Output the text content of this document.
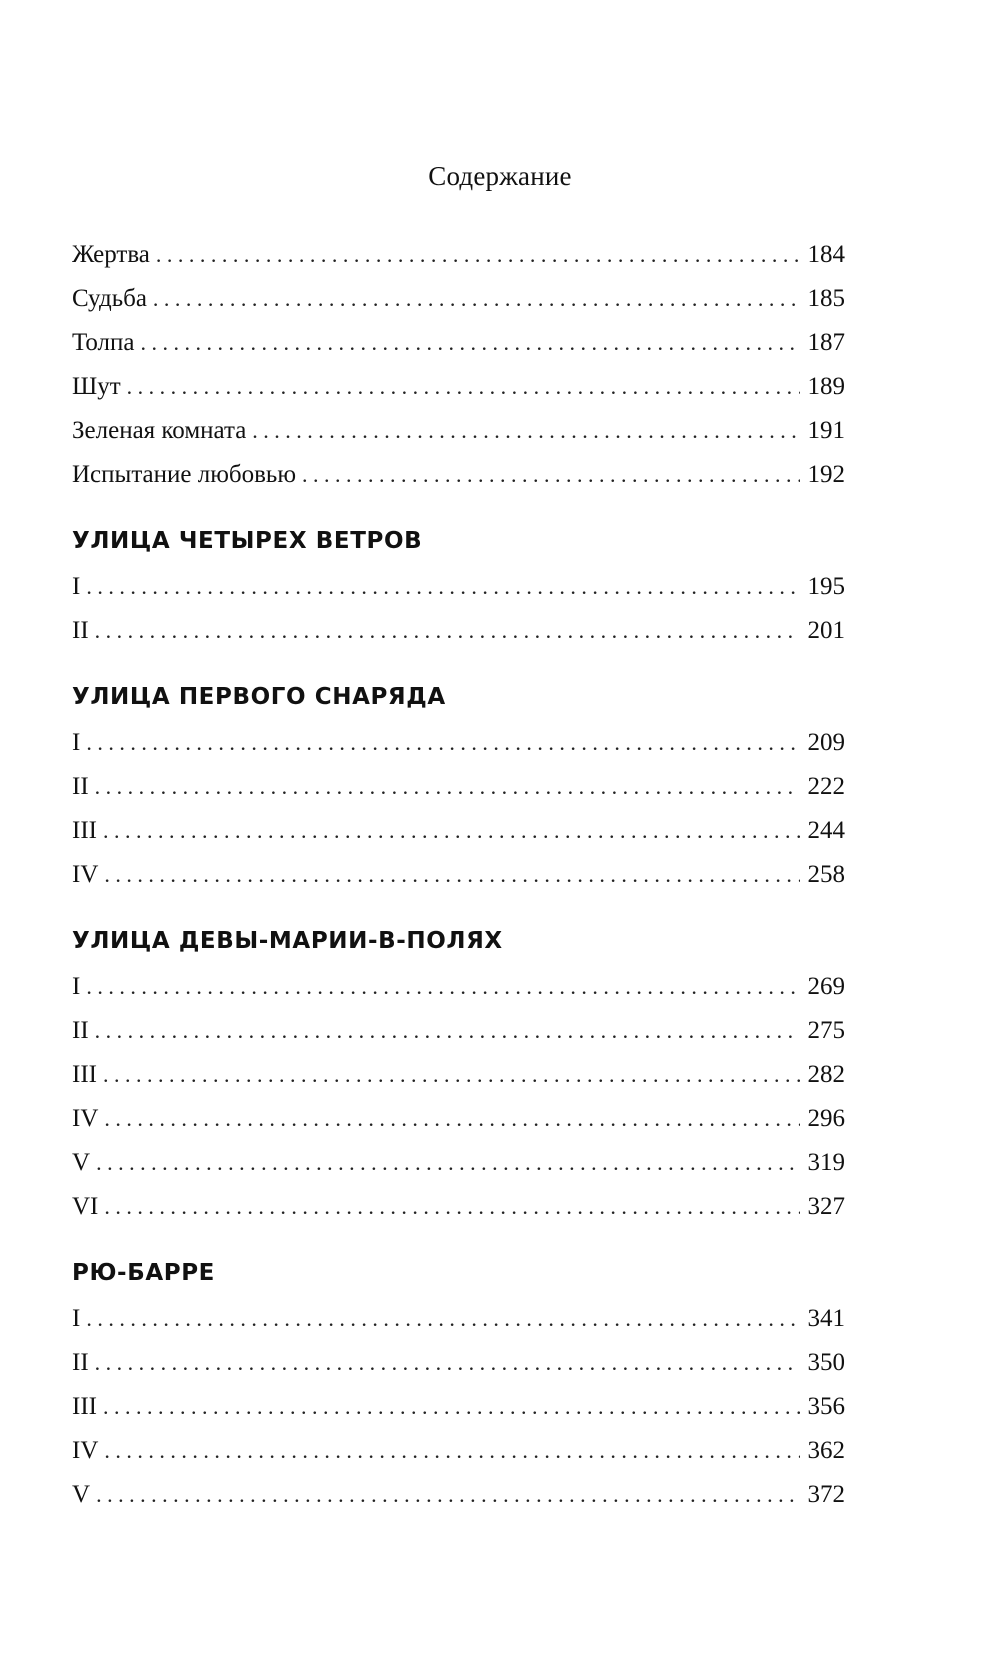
Содержание
Жертва . . .	184
Судьба . . .	185
Толпа . . .	187
Шут . . .	189
Зеленая комната . . .	191
Испытание любовью . . .	192
УЛИЦА ЧЕТЫРЕХ ВЕТРОВ
I . . .	195
II . . .	201
УЛИЦА ПЕРВОГО СНАРЯДА
I . . .	209
II . . .	222
III . . .	244
IV . . .	258
УЛИЦА ДЕВЫ-МАРИИ-В-ПОЛЯХ
I . . .	269
II . . .	275
III . . .	282
IV . . .	296
V . . .	319
VI . . .	327
РЮ-БАРРЕ
I . . .	341
II . . .	350
III . . .	356
IV . . .	362
V . . .	372
